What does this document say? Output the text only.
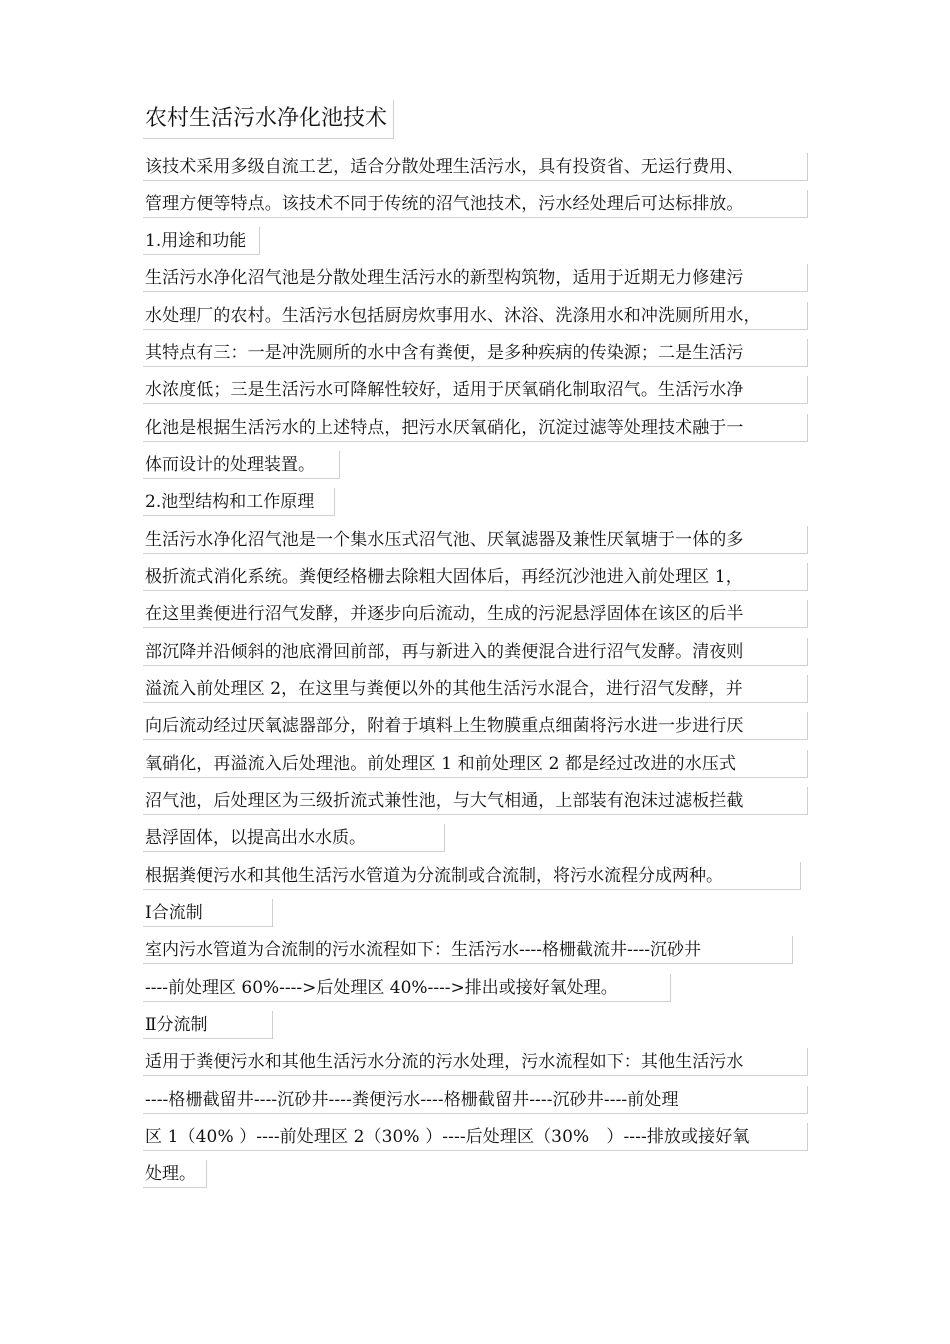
农村生活污水净化池技术
该技术采用多级自流工艺，适合分散处理生活污水，具有投资省、无运行费用、
管理方便等特点。该技术不同于传统的沼气池技术，污水经处理后可达标排放。
1.用途和功能
生活污水净化沼气池是分散处理生活污水的新型构筑物，适用于近期无力修建污
水处理厂的农村。生活污水包括厨房炊事用水、沐浴、洗涤用水和冲洗厕所用水，
其特点有三：一是冲洗厕所的水中含有粪便，是多种疾病的传染源；二是生活污
水浓度低；三是生活污水可降解性较好，适用于厌氧硝化制取沼气。生活污水净
化池是根据生活污水的上述特点，把污水厌氧硝化，沉淀过滤等处理技术融于一
体而设计的处理装置。
2.池型结构和工作原理
生活污水净化沼气池是一个集水压式沼气池、厌氧滤器及兼性厌氧塘于一体的多
极折流式消化系统。粪便经格栅去除粗大固体后，再经沉沙池进入前处理区 1，
在这里粪便进行沼气发酵，并逐步向后流动，生成的污泥悬浮固体在该区的后半
部沉降并沿倾斜的池底滑回前部，再与新进入的粪便混合进行沼气发酵。清夜则
溢流入前处理区 2，在这里与粪便以外的其他生活污水混合，进行沼气发酵，并
向后流动经过厌氧滤器部分，附着于填料上生物膜重点细菌将污水进一步进行厌
氧硝化，再溢流入后处理池。前处理区 1 和前处理区 2 都是经过改进的水压式
沼气池，后处理区为三级折流式兼性池，与大气相通，上部装有泡沫过滤板拦截
悬浮固体，以提高出水水质。
根据粪便污水和其他生活污水管道为分流制或合流制，将污水流程分成两种。
Ⅰ合流制
室内污水管道为合流制的污水流程如下：生活污水----格栅截流井----沉砂井
----前处理区 60%---->后处理区 40%---->排出或接好氧处理。
Ⅱ分流制
适用于粪便污水和其他生活污水分流的污水处理，污水流程如下：其他生活污水
----格栅截留井----沉砂井----粪便污水----格栅截留井----沉砂井----前处理
区 1（40% ）----前处理区 2（30% ）----后处理区（30%　）----排放或接好氧
处理。
